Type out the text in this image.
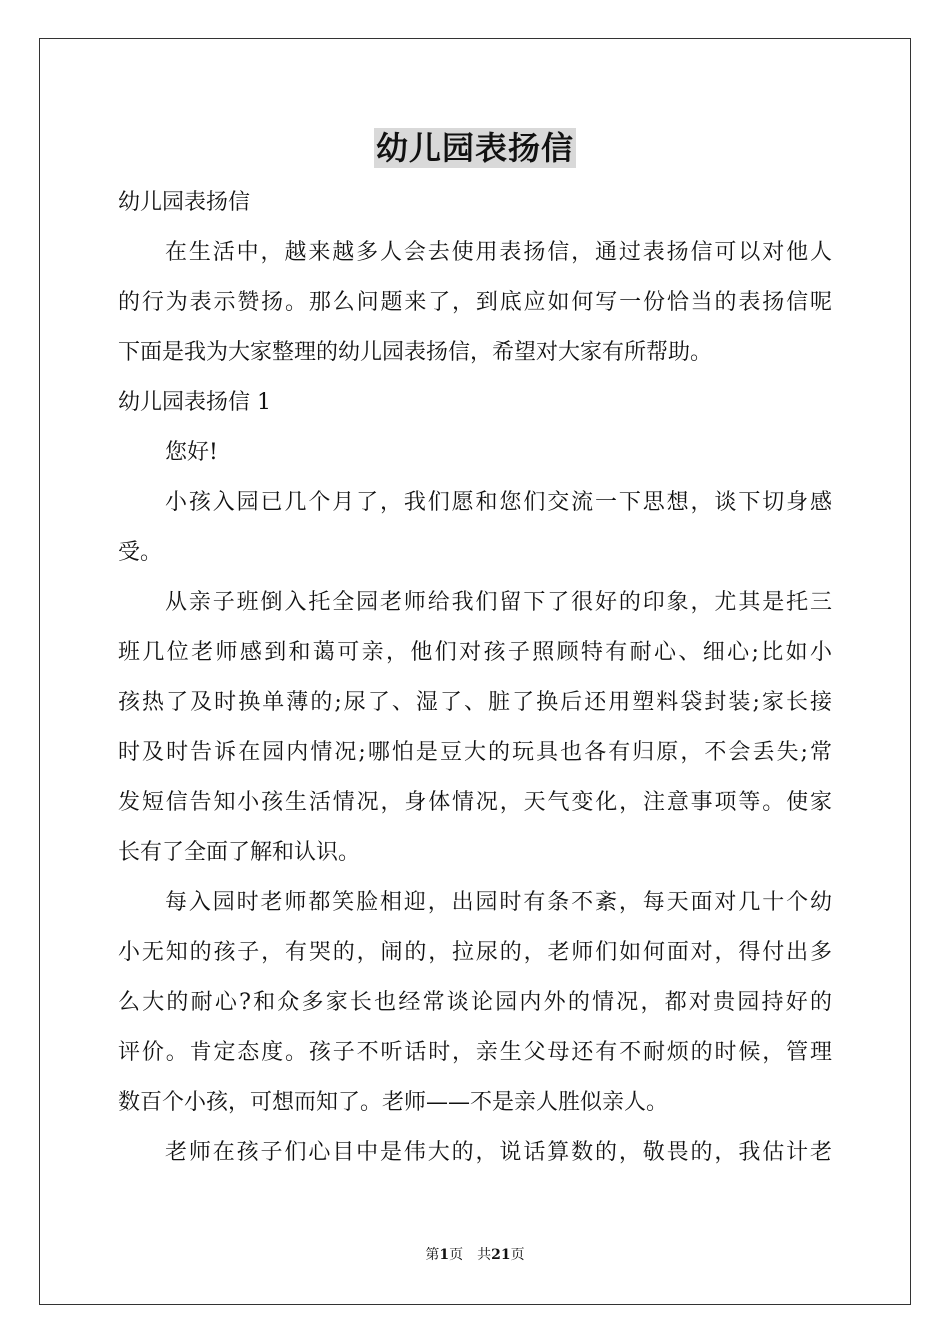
幼儿园表扬信
幼儿园表扬信
在生活中，越来越多人会去使用表扬信，通过表扬信可以对他人
的行为表示赞扬。那么问题来了，到底应如何写一份恰当的表扬信呢
下面是我为大家整理的幼儿园表扬信，希望对大家有所帮助。
幼儿园表扬信 1
您好!
小孩入园已几个月了，我们愿和您们交流一下思想，谈下切身感
受。
从亲子班倒入托全园老师给我们留下了很好的印象，尤其是托三
班几位老师感到和蔼可亲，他们对孩子照顾特有耐心、细心;比如小
孩热了及时换单薄的;尿了、湿了、脏了换后还用塑料袋封装;家长接
时及时告诉在园内情况;哪怕是豆大的玩具也各有归原，不会丢失;常
发短信告知小孩生活情况，身体情况，天气变化，注意事项等。使家
长有了全面了解和认识。
每入园时老师都笑脸相迎，出园时有条不紊，每天面对几十个幼
小无知的孩子，有哭的，闹的，拉尿的，老师们如何面对，得付出多
么大的耐心?和众多家长也经常谈论园内外的情况，都对贵园持好的
评价。肯定态度。孩子不听话时，亲生父母还有不耐烦的时候，管理
数百个小孩，可想而知了。老师——不是亲人胜似亲人。
老师在孩子们心目中是伟大的，说话算数的，敬畏的，我估计老
第1页 共21页
